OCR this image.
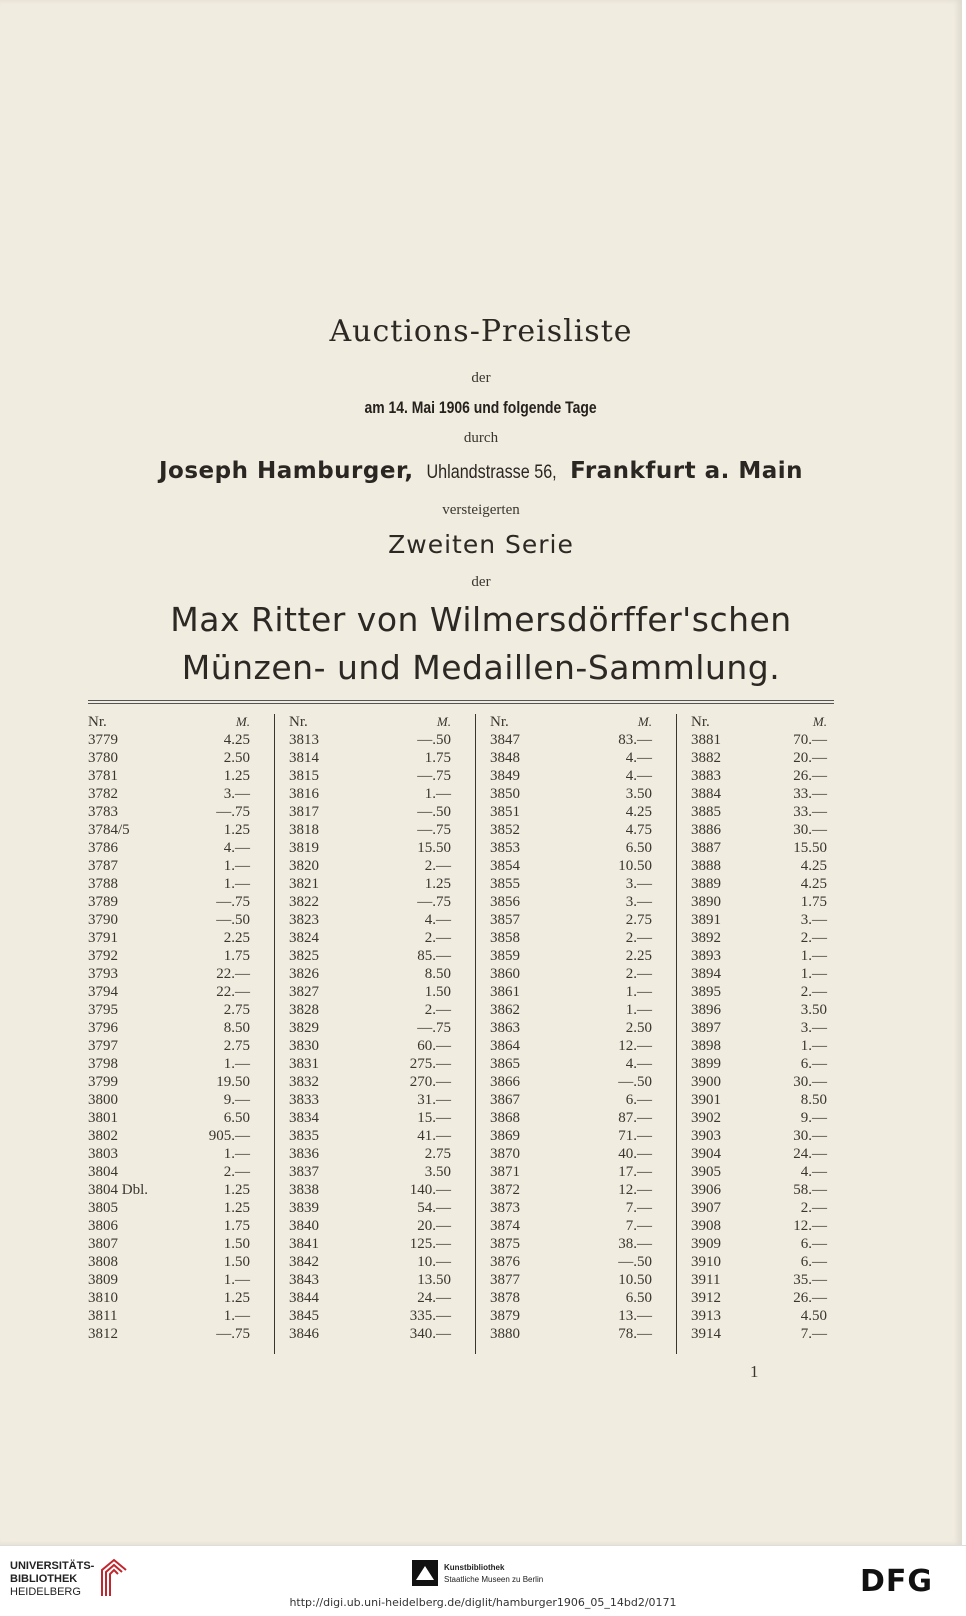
Auctions-Preisliste
der
am 14. Mai 1906 und folgende Tage
durch
Joseph Hamburger, Uhlandstrasse 56, Frankfurt a. Main
versteigerten
Zweiten Serie
der
Max Ritter von Wilmersdörffer'schen
Münzen- und Medaillen-Sammlung.
Nr.	M.
3779	4.25
3780	2.50
3781	1.25
3782	3.—
3783	—.75
3784/5	1.25
3786	4.—
3787	1.—
3788	1.—
3789	—.75
3790	—.50
3791	2.25
3792	1.75
3793	22.—
3794	22.—
3795	2.75
3796	8.50
3797	2.75
3798	1.—
3799	19.50
3800	9.—
3801	6.50
3802	905.—
3803	1.—
3804	2.—
3804 Dbl.	1.25
3805	1.25
3806	1.75
3807	1.50
3808	1.50
3809	1.—
3810	1.25
3811	1.—
3812	—.75
Nr.	M.
3813	—.50
3814	1.75
3815	—.75
3816	1.—
3817	—.50
3818	—.75
3819	15.50
3820	2.—
3821	1.25
3822	—.75
3823	4.—
3824	2.—
3825	85.—
3826	8.50
3827	1.50
3828	2.—
3829	—.75
3830	60.—
3831	275.—
3832	270.—
3833	31.—
3834	15.—
3835	41.—
3836	2.75
3837	3.50
3838	140.—
3839	54.—
3840	20.—
3841	125.—
3842	10.—
3843	13.50
3844	24.—
3845	335.—
3846	340.—
Nr.	M.
3847	83.—
3848	4.—
3849	4.—
3850	3.50
3851	4.25
3852	4.75
3853	6.50
3854	10.50
3855	3.—
3856	3.—
3857	2.75
3858	2.—
3859	2.25
3860	2.—
3861	1.—
3862	1.—
3863	2.50
3864	12.—
3865	4.—
3866	—.50
3867	6.—
3868	87.—
3869	71.—
3870	40.—
3871	17.—
3872	12.—
3873	7.—
3874	7.—
3875	38.—
3876	—.50
3877	10.50
3878	6.50
3879	13.—
3880	78.—
Nr.	M.
3881	70.—
3882	20.—
3883	26.—
3884	33.—
3885	33.—
3886	30.—
3887	15.50
3888	4.25
3889	4.25
3890	1.75
3891	3.—
3892	2.—
3893	1.—
3894	1.—
3895	2.—
3896	3.50
3897	3.—
3898	1.—
3899	6.—
3900	30.—
3901	8.50
3902	9.—
3903	30.—
3904	24.—
3905	4.—
3906	58.—
3907	2.—
3908	12.—
3909	6.—
3910	6.—
3911	35.—
3912	26.—
3913	4.50
3914	7.—
1
UNIVERSITÄTS-
BIBLIOTHEK
HEIDELBERG
Kunstbibliothek
Staatliche Museen zu Berlin	DFG
http://digi.ub.uni-heidelberg.de/diglit/hamburger1906_05_14bd2/0171
